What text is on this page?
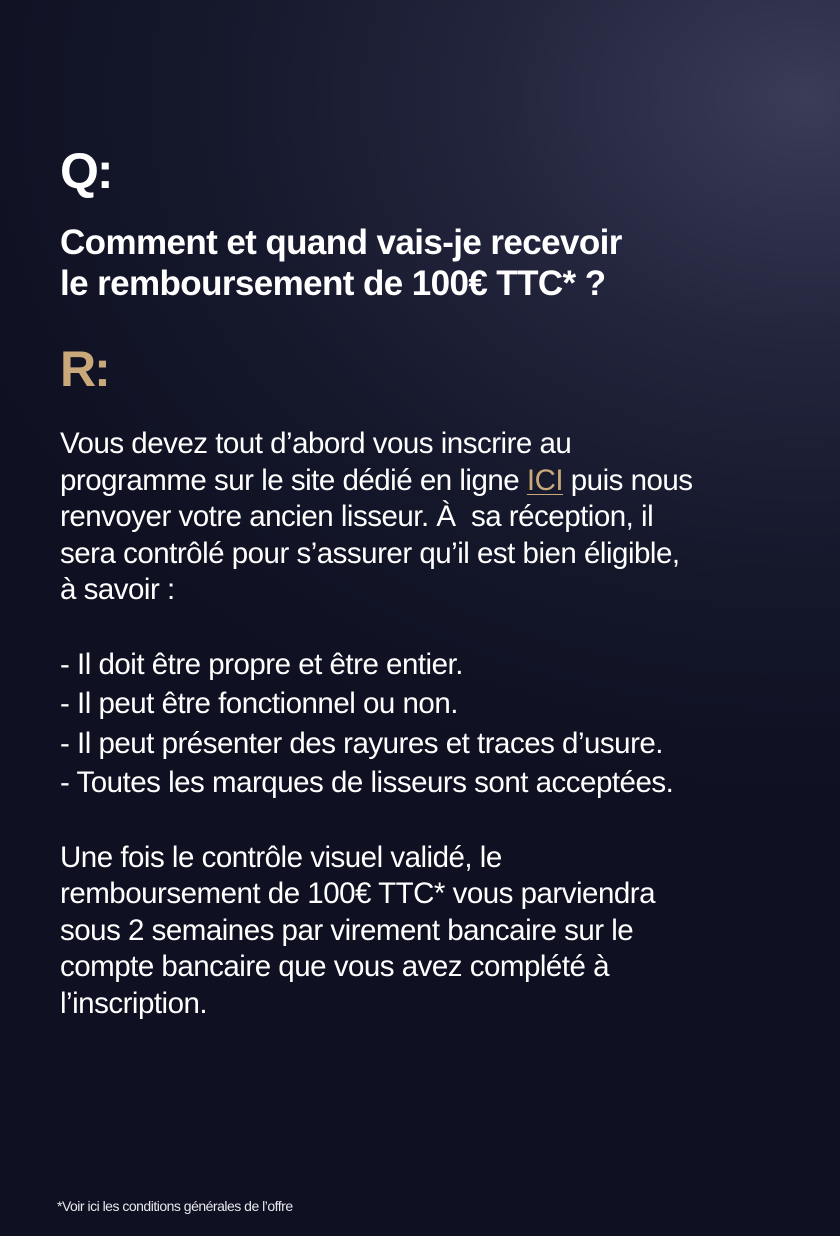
Q:
Comment et quand vais-je recevoir
le remboursement de 100€ TTC* ?
R:

Vous devez tout d’abord vous inscrire au
programme sur le site dédié en ligne ICI puis nous
renvoyer votre ancien lisseur. À  sa réception, il
sera contrôlé pour s’assurer qu’il est bien éligible,
à savoir :

- Il doit être propre et être entier.
- Il peut être fonctionnel ou non.
- Il peut présenter des rayures et traces d’usure.
- Toutes les marques de lisseurs sont acceptées.

Une fois le contrôle visuel validé, le
remboursement de 100€ TTC* vous parviendra
sous 2 semaines par virement bancaire sur le
compte bancaire que vous avez complété à
l’inscription.

*Voir ici les conditions générales de l’offre
